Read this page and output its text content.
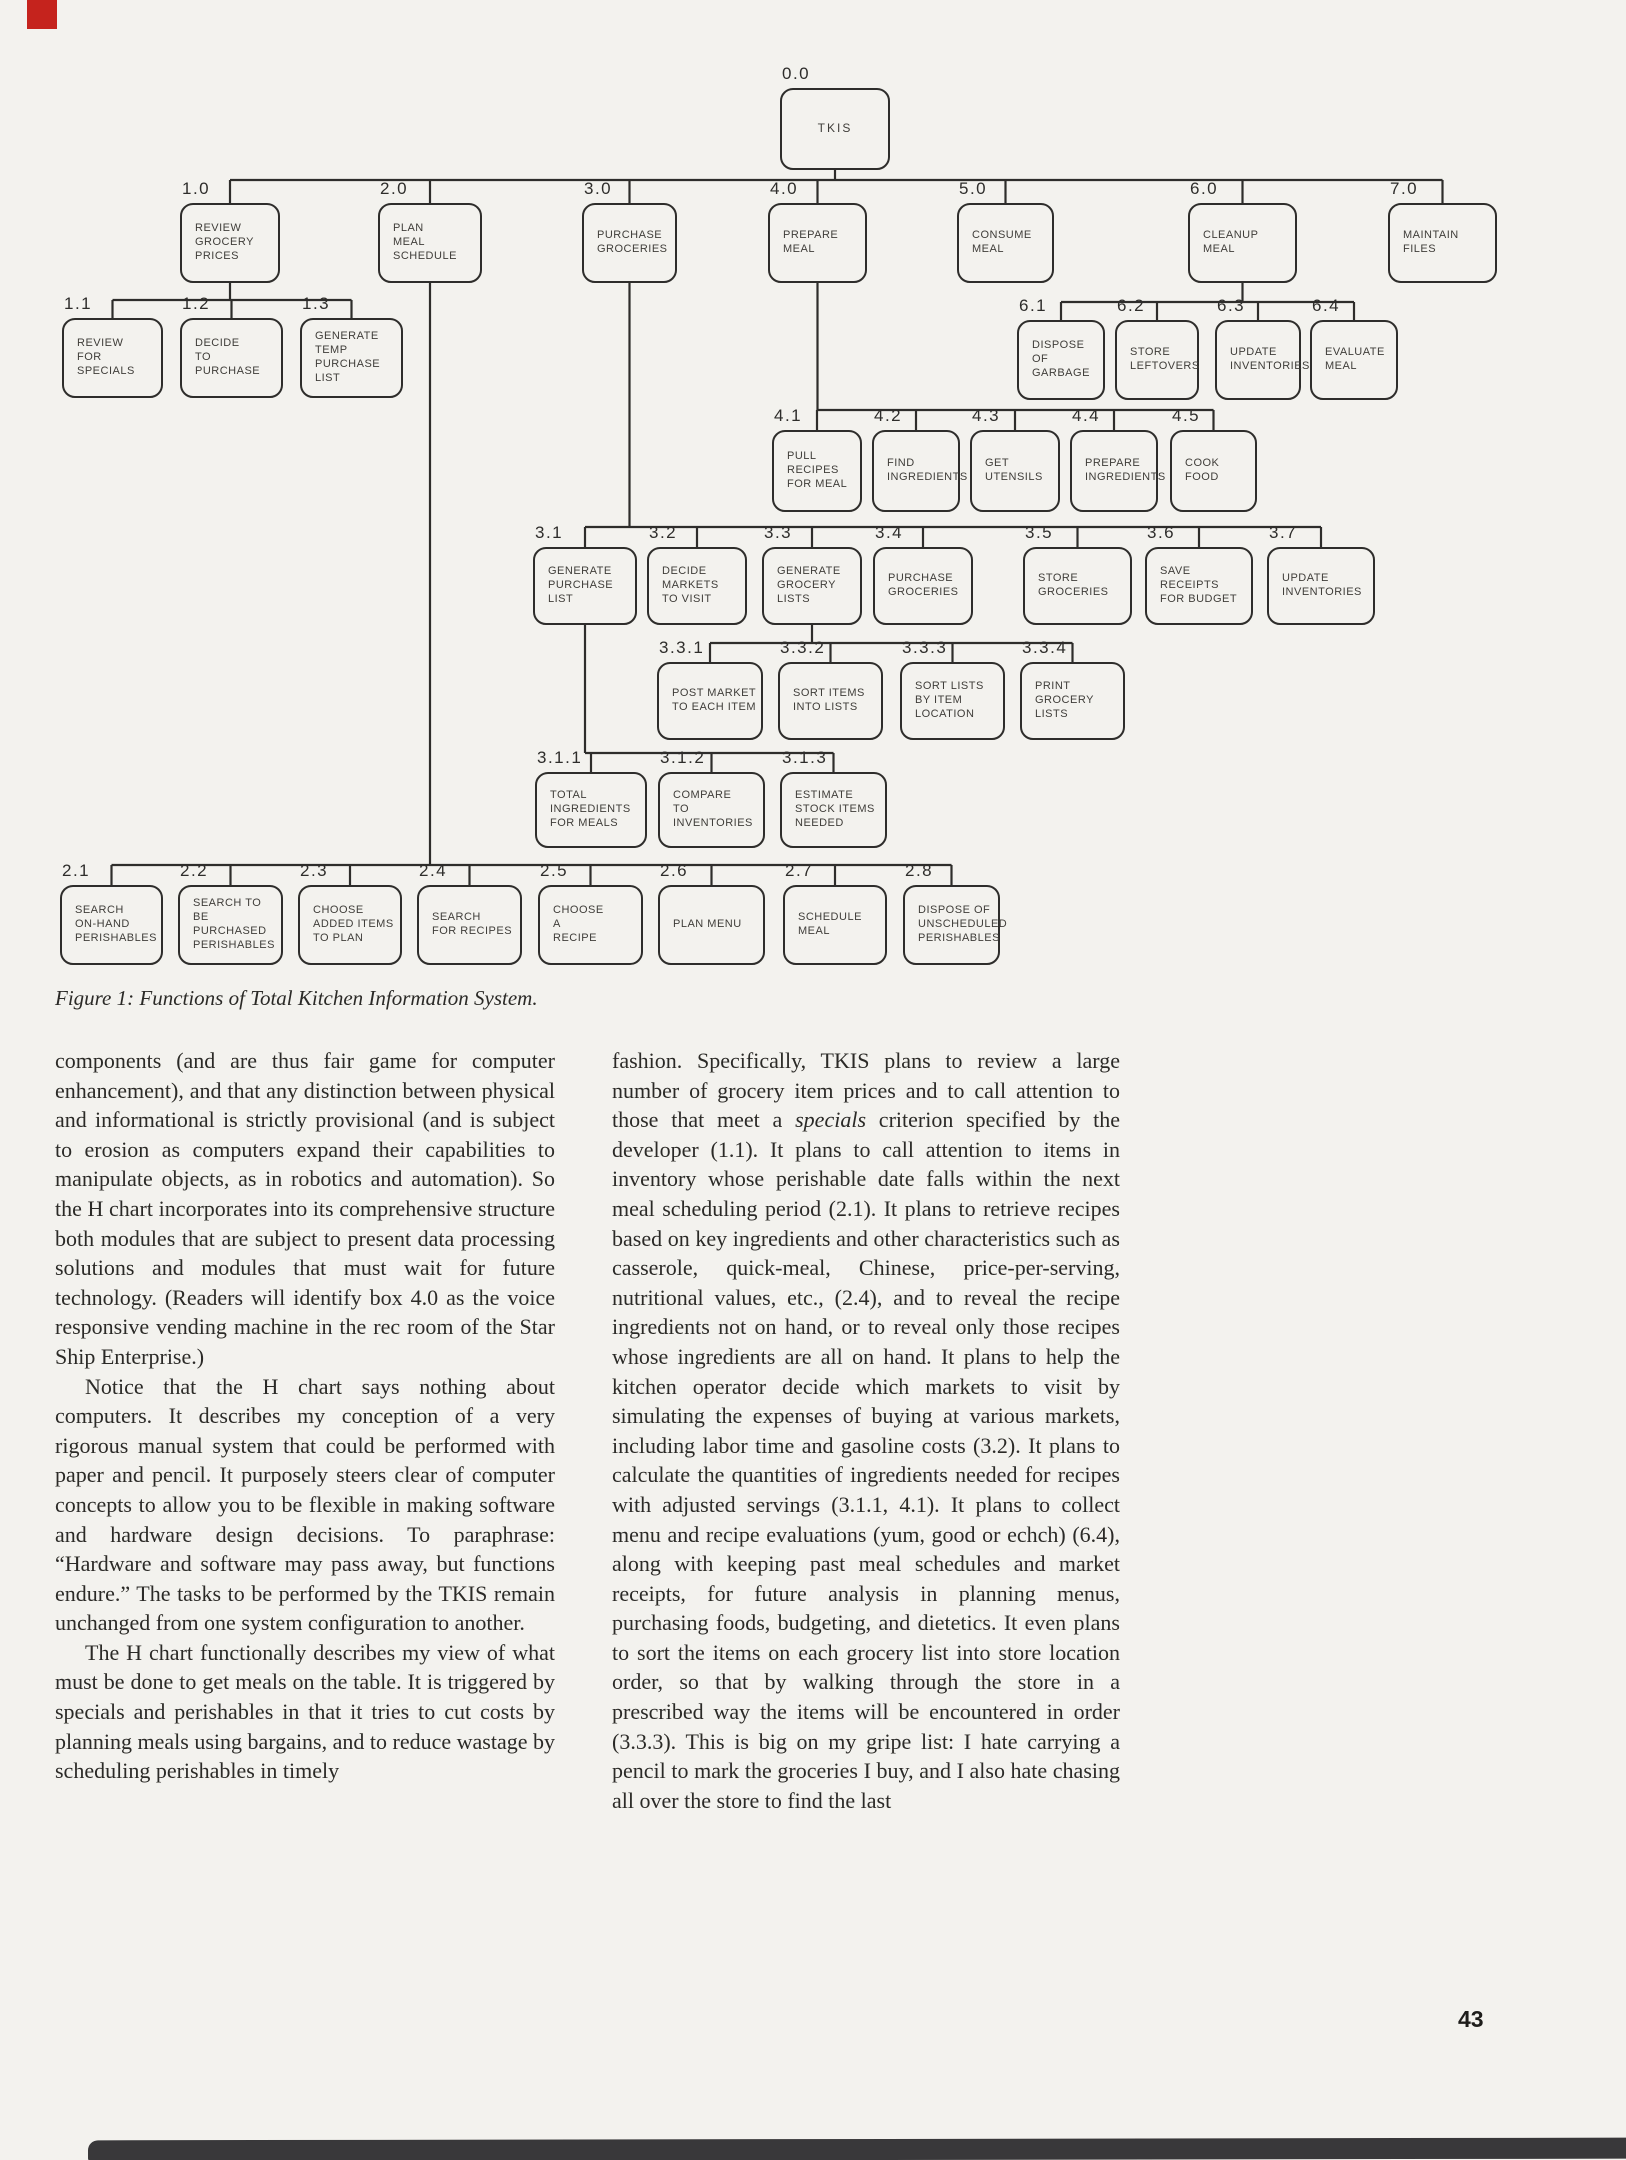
0.0
TKIS
1.0
REVIEW
GROCERY
PRICES
2.0
PLAN
MEAL
SCHEDULE
3.0
PURCHASE
GROCERIES
4.0
PREPARE
MEAL
5.0
CONSUME
MEAL
6.0
CLEANUP
MEAL
7.0
MAINTAIN
FILES
1.1
REVIEW
FOR
SPECIALS
1.2
DECIDE
TO
PURCHASE
1.3
GENERATE
TEMP
PURCHASE
LIST
2.1
SEARCH
ON-HAND
PERISHABLES
2.2
SEARCH TO
BE PURCHASED
PERISHABLES
2.3
CHOOSE
ADDED ITEMS
TO PLAN
2.4
SEARCH
FOR RECIPES
2.5
CHOOSE
A
RECIPE
2.6
PLAN MENU
2.7
SCHEDULE
MEAL
2.8
DISPOSE OF
UNSCHEDULED
PERISHABLES
3.1
GENERATE
PURCHASE
LIST
3.2
DECIDE
MARKETS
TO VISIT
3.3
GENERATE
GROCERY
LISTS
3.4
PURCHASE
GROCERIES
3.5
STORE
GROCERIES
3.6
SAVE RECEIPTS
FOR BUDGET
3.7
UPDATE
INVENTORIES
3.1.1
TOTAL
INGREDIENTS
FOR MEALS
3.1.2
COMPARE
TO
INVENTORIES
3.1.3
ESTIMATE
STOCK ITEMS
NEEDED
3.3.1
POST MARKET
TO EACH ITEM
3.3.2
SORT ITEMS
INTO LISTS
3.3.3
SORT LISTS
BY ITEM
LOCATION
3.3.4
PRINT
GROCERY
LISTS
4.1
PULL
RECIPES
FOR MEAL
4.2
FIND
INGREDIENTS
4.3
GET
UTENSILS
4.4
PREPARE
INGREDIENTS
4.5
COOK
FOOD
6.1
DISPOSE
OF
GARBAGE
6.2
STORE
LEFTOVERS
6.3
UPDATE
INVENTORIES
6.4
EVALUATE
MEAL
Figure 1: Functions of Total Kitchen Information System.

components (and are thus fair game for computer enhancement), and that any distinction between physical and informational is strictly provisional (and is subject to erosion as computers expand their capabilities to manipulate objects, as in robotics and automation). So the H chart incorporates into its comprehensive structure both modules that are subject to present data processing solutions and modules that must wait for future technology. (Readers will identify box 4.0 as the voice responsive vending machine in the rec room of the Star Ship Enterprise.)

Notice that the H chart says nothing about computers. It describes my conception of a very rigorous manual system that could be performed with paper and pencil. It purposely steers clear of computer concepts to allow you to be flexible in making software and hardware design decisions. To paraphrase: “Hardware and software may pass away, but functions endure.” The tasks to be performed by the TKIS remain unchanged from one system configuration to another.

The H chart functionally describes my view of what must be done to get meals on the table. It is triggered by specials and perishables in that it tries to cut costs by planning meals using bargains, and to reduce wastage by scheduling perishables in timely

fashion. Specifically, TKIS plans to review a large number of grocery item prices and to call attention to those that meet a specials criterion specified by the developer (1.1). It plans to call attention to items in inventory whose perishable date falls within the next meal scheduling period (2.1). It plans to retrieve recipes based on key ingredients and other characteristics such as casserole, quick-meal, Chinese, price-per-serving, nutritional values, etc., (2.4), and to reveal the recipe ingredients not on hand, or to reveal only those recipes whose ingredients are all on hand. It plans to help the kitchen operator decide which markets to visit by simulating the expenses of buying at various markets, including labor time and gasoline costs (3.2). It plans to calculate the quantities of ingredients needed for recipes with adjusted servings (3.1.1, 4.1). It plans to collect menu and recipe evaluations (yum, good or echch) (6.4), along with keeping past meal schedules and market receipts, for future analysis in planning menus, purchasing foods, budgeting, and dietetics. It even plans to sort the items on each grocery list into store location order, so that by walking through the store in a prescribed way the items will be encountered in order (3.3.3). This is big on my gripe list: I hate carrying a pencil to mark the groceries I buy, and I also hate chasing all over the store to find the last

43
